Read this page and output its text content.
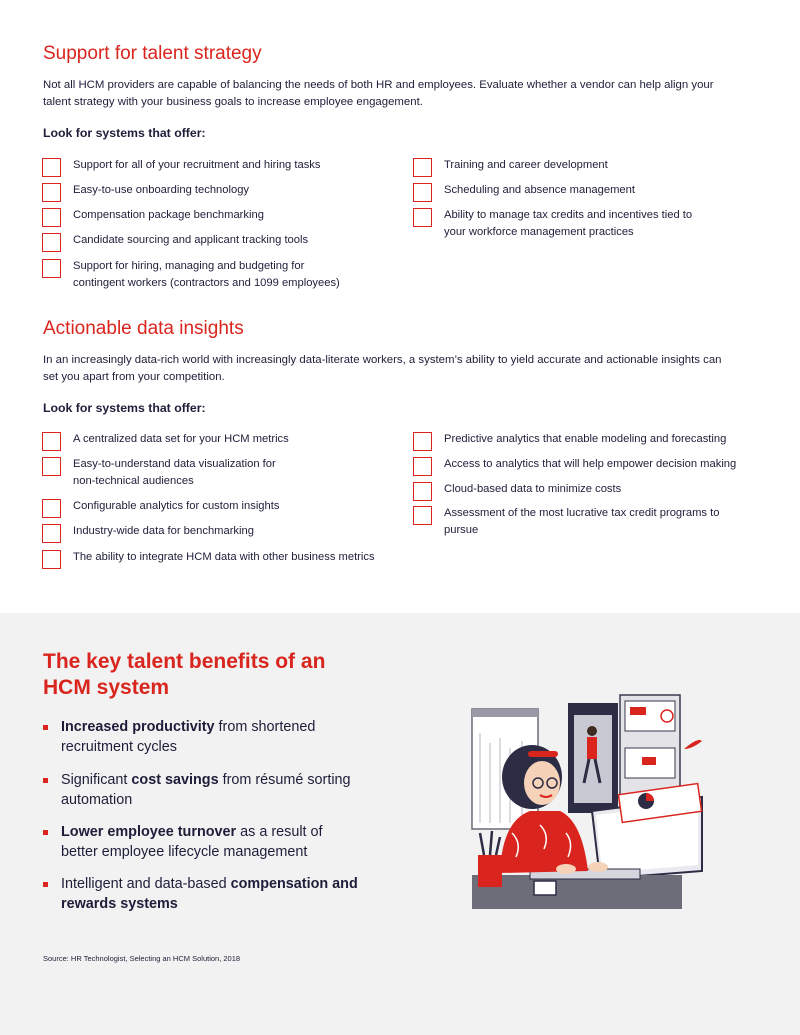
Support for talent strategy

Not all HCM providers are capable of balancing the needs of both HR and employees. Evaluate whether a vendor can help align your talent strategy with your business goals to increase employee engagement.

Look for systems that offer:
Support for all of your recruitment and hiring tasks
Easy-to-use onboarding technology
Compensation package benchmarking
Candidate sourcing and applicant tracking tools
Support for hiring, managing and budgeting for contingent workers (contractors and 1099 employees)
Training and career development
Scheduling and absence management
Ability to manage tax credits and incentives tied to your workforce management practices
Actionable data insights

In an increasingly data-rich world with increasingly data-literate workers, a system’s ability to yield accurate and actionable insights can set you apart from your competition.

Look for systems that offer:
A centralized data set for your HCM metrics
Easy-to-understand data visualization for non-technical audiences
Configurable analytics for custom insights
Industry-wide data for benchmarking
The ability to integrate HCM data with other business metrics
Predictive analytics that enable modeling and forecasting
Access to analytics that will help empower decision making
Cloud-based data to minimize costs
Assessment of the most lucrative tax credit programs to pursue
The key talent benefits of an HCM system
Increased productivity from shortened recruitment cycles
Significant cost savings from résumé sorting automation
Lower employee turnover as a result of better employee lifecycle management
Intelligent and data-based compensation and rewards systems
Source: HR Technologist, Selecting an HCM Solution, 2018
